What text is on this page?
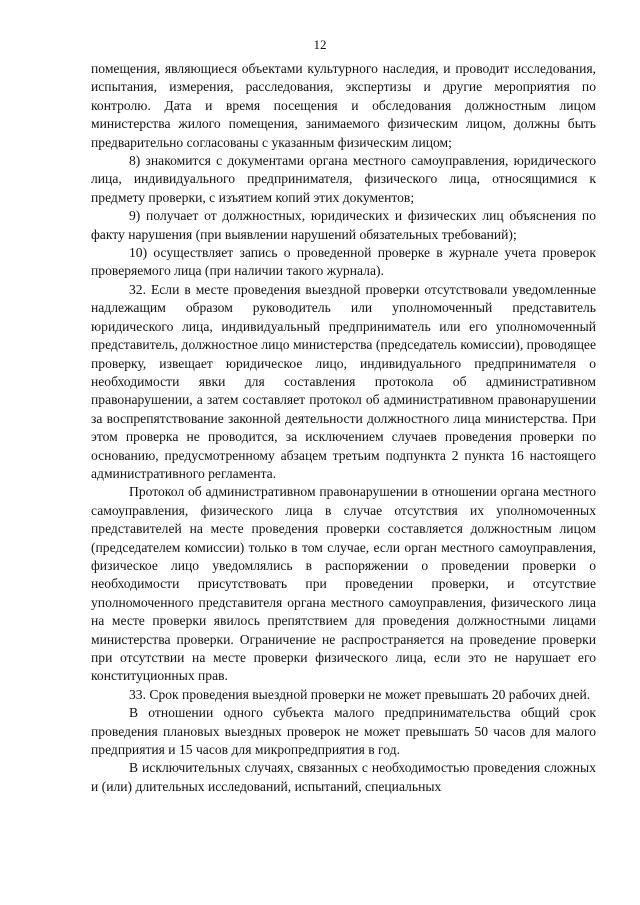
12

помещения, являющиеся объектами культурного наследия, и проводит исследования, испытания, измерения, расследования, экспертизы и другие мероприятия по контролю. Дата и время посещения и обследования должностным лицом министерства жилого помещения, занимаемого физическим лицом, должны быть предварительно согласованы с указанным физическим лицом;

8) знакомится с документами органа местного самоуправления, юридического лица, индивидуального предпринимателя, физического лица, относящимися к предмету проверки, с изъятием копий этих документов;

9) получает от должностных, юридических и физических лиц объяснения по факту нарушения (при выявлении нарушений обязательных требований);

10) осуществляет запись о проведенной проверке в журнале учета проверок проверяемого лица (при наличии такого журнала).

32. Если в месте проведения выездной проверки отсутствовали уведомленные надлежащим образом руководитель или уполномоченный представитель юридического лица, индивидуальный предприниматель или его уполномоченный представитель, должностное лицо министерства (председатель комиссии), проводящее проверку, извещает юридическое лицо, индивидуального предпринимателя о необходимости явки для составления протокола об административном правонарушении, а затем составляет протокол об административном правонарушении за воспрепятствование законной деятельности должностного лица министерства. При этом проверка не проводится, за исключением случаев проведения проверки по основанию, предусмотренному абзацем третьим подпункта 2 пункта 16 настоящего административного регламента.

Протокол об административном правонарушении в отношении органа местного самоуправления, физического лица в случае отсутствия их уполномоченных представителей на месте проведения проверки составляется должностным лицом (председателем комиссии) только в том случае, если орган местного самоуправления, физическое лицо уведомлялись в распоряжении о проведении проверки о необходимости присутствовать при проведении проверки, и отсутствие уполномоченного представителя органа местного самоуправления, физического лица на месте проверки явилось препятствием для проведения должностными лицами министерства проверки. Ограничение не распространяется на проведение проверки при отсутствии на месте проверки физического лица, если это не нарушает его конституционных прав.

33. Срок проведения выездной проверки не может превышать 20 рабочих дней.

В отношении одного субъекта малого предпринимательства общий срок проведения плановых выездных проверок не может превышать 50 часов для малого предприятия и 15 часов для микропредприятия в год.

В исключительных случаях, связанных с необходимостью проведения сложных и (или) длительных исследований, испытаний, специальных
